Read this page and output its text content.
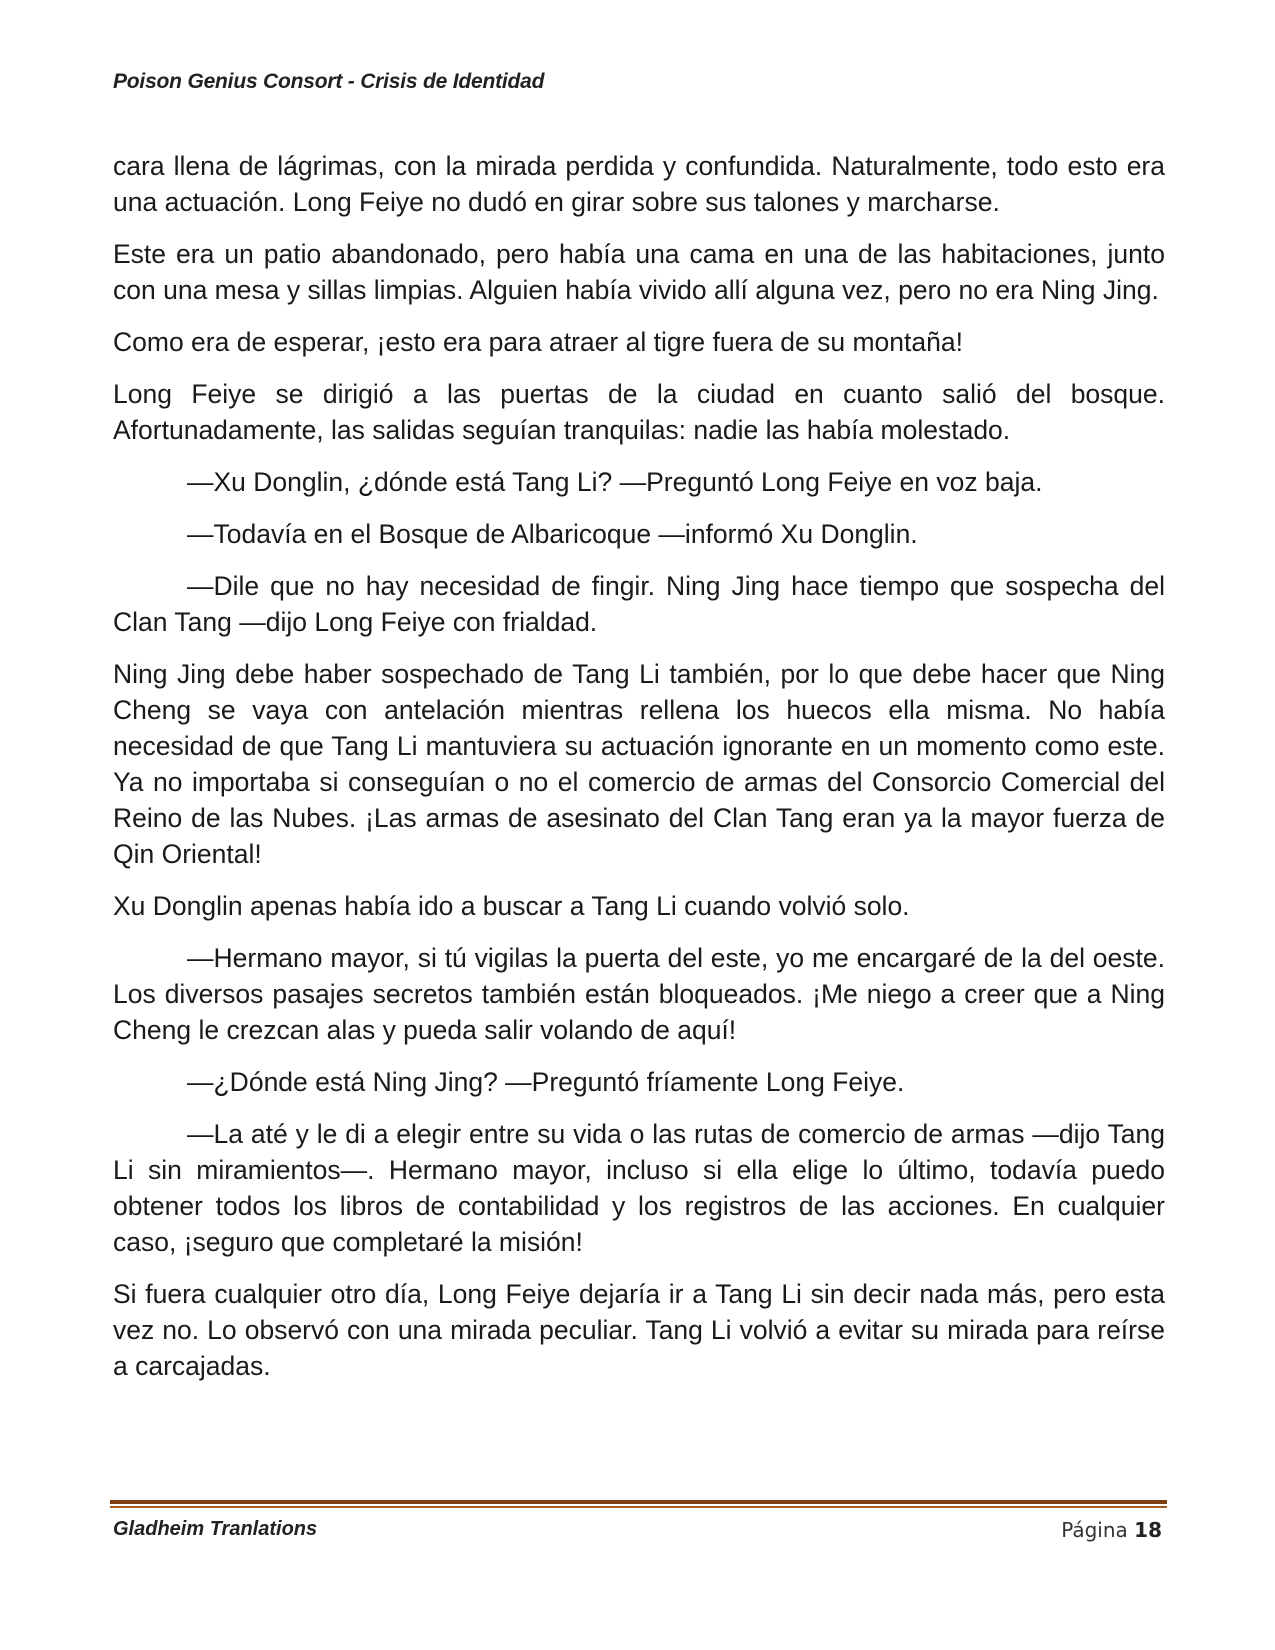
Poison Genius Consort - Crisis de Identidad

cara llena de lágrimas, con la mirada perdida y confundida. Naturalmente, todo esto era una actuación. Long Feiye no dudó en girar sobre sus talones y marcharse.

Este era un patio abandonado, pero había una cama en una de las habitaciones, junto con una mesa y sillas limpias. Alguien había vivido allí alguna vez, pero no era Ning Jing.

Como era de esperar, ¡esto era para atraer al tigre fuera de su montaña!

Long Feiye se dirigió a las puertas de la ciudad en cuanto salió del bosque. Afortunadamente, las salidas seguían tranquilas: nadie las había molestado.

—Xu Donglin, ¿dónde está Tang Li? —Preguntó Long Feiye en voz baja.

—Todavía en el Bosque de Albaricoque —informó Xu Donglin.

—Dile que no hay necesidad de fingir. Ning Jing hace tiempo que sospecha del Clan Tang —dijo Long Feiye con frialdad.

Ning Jing debe haber sospechado de Tang Li también, por lo que debe hacer que Ning Cheng se vaya con antelación mientras rellena los huecos ella misma. No había necesidad de que Tang Li mantuviera su actuación ignorante en un momento como este. Ya no importaba si conseguían o no el comercio de armas del Consorcio Comercial del Reino de las Nubes. ¡Las armas de asesinato del Clan Tang eran ya la mayor fuerza de Qin Oriental!

Xu Donglin apenas había ido a buscar a Tang Li cuando volvió solo.

—Hermano mayor, si tú vigilas la puerta del este, yo me encargaré de la del oeste. Los diversos pasajes secretos también están bloqueados. ¡Me niego a creer que a Ning Cheng le crezcan alas y pueda salir volando de aquí!

—¿Dónde está Ning Jing? —Preguntó fríamente Long Feiye.

—La até y le di a elegir entre su vida o las rutas de comercio de armas —dijo Tang Li sin miramientos—. Hermano mayor, incluso si ella elige lo último, todavía puedo obtener todos los libros de contabilidad y los registros de las acciones. En cualquier caso, ¡seguro que completaré la misión!

Si fuera cualquier otro día, Long Feiye dejaría ir a Tang Li sin decir nada más, pero esta vez no. Lo observó con una mirada peculiar. Tang Li volvió a evitar su mirada para reírse a carcajadas.

Gladheim Tranlations	Página 18
